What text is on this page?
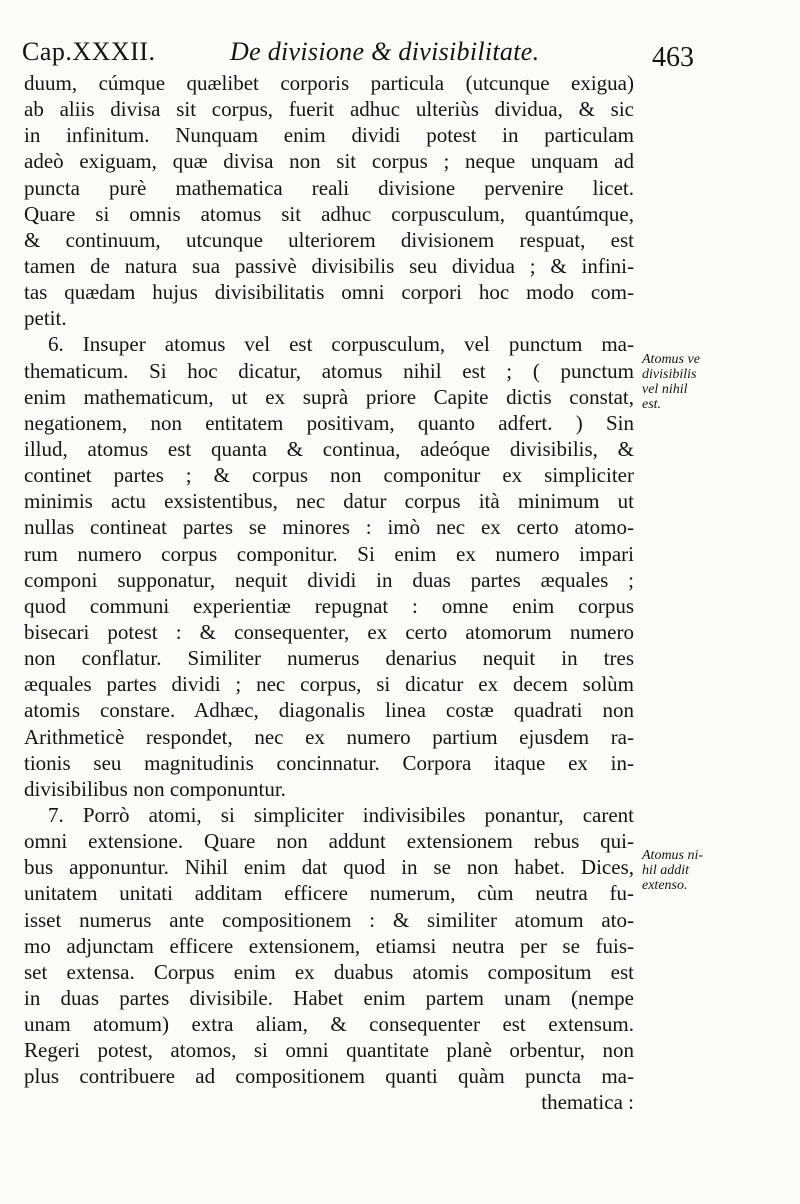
Cap.XXXII.	De divisione & divisibilitate.	463
duum, cúmque quælibet corporis particula (utcunque exigua)
ab aliis divisa sit corpus, fuerit adhuc ulteriùs dividua, & sic
in infinitum. Nunquam enim dividi potest in particulam
adeò exiguam, quæ divisa non sit corpus ; neque unquam ad
puncta purè mathematica reali divisione pervenire licet.
Quare si omnis atomus sit adhuc corpusculum, quantúmque,
& continuum, utcunque ulteriorem divisionem respuat, est
tamen de natura sua passivè divisibilis seu dividua ; & infini-
tas quædam hujus divisibilitatis omni corpori hoc modo com-
petit.
6. Insuper atomus vel est corpusculum, vel punctum ma-
thematicum. Si hoc dicatur, atomus nihil est ; ( punctum
enim mathematicum, ut ex suprà priore Capite dictis constat,
negationem, non entitatem positivam, quanto adfert. ) Sin
illud, atomus est quanta & continua, adeóque divisibilis, &
continet partes ; & corpus non componitur ex simpliciter
minimis actu exsistentibus, nec datur corpus ità minimum ut
nullas contineat partes se minores : imò nec ex certo atomo-
rum numero corpus componitur. Si enim ex numero impari
componi supponatur, nequit dividi in duas partes æquales ;
quod communi experientiæ repugnat : omne enim corpus
bisecari potest : & consequenter, ex certo atomorum numero
non conflatur. Similiter numerus denarius nequit in tres
æquales partes dividi ; nec corpus, si dicatur ex decem solùm
atomis constare. Adhæc, diagonalis linea costæ quadrati non
Arithmeticè respondet, nec ex numero partium ejusdem ra-
tionis seu magnitudinis concinnatur. Corpora itaque ex in-
divisibilibus non componuntur.
7. Porrò atomi, si simpliciter indivisibiles ponantur, carent
omni extensione. Quare non addunt extensionem rebus qui-
bus apponuntur. Nihil enim dat quod in se non habet. Dices,
unitatem unitati additam efficere numerum, cùm neutra fu-
isset numerus ante compositionem : & similiter atomum ato-
mo adjunctam efficere extensionem, etiamsi neutra per se fuis-
set extensa. Corpus enim ex duabus atomis compositum est
in duas partes divisibile. Habet enim partem unam (nempe
unam atomum) extra aliam, & consequenter est extensum.
Regeri potest, atomos, si omni quantitate planè orbentur, non
plus contribuere ad compositionem quanti quàm puncta ma-
thematica :
Atomus ve
divisibilis
vel nihil
est.
Atomus ni-
hil addit
extenso.
